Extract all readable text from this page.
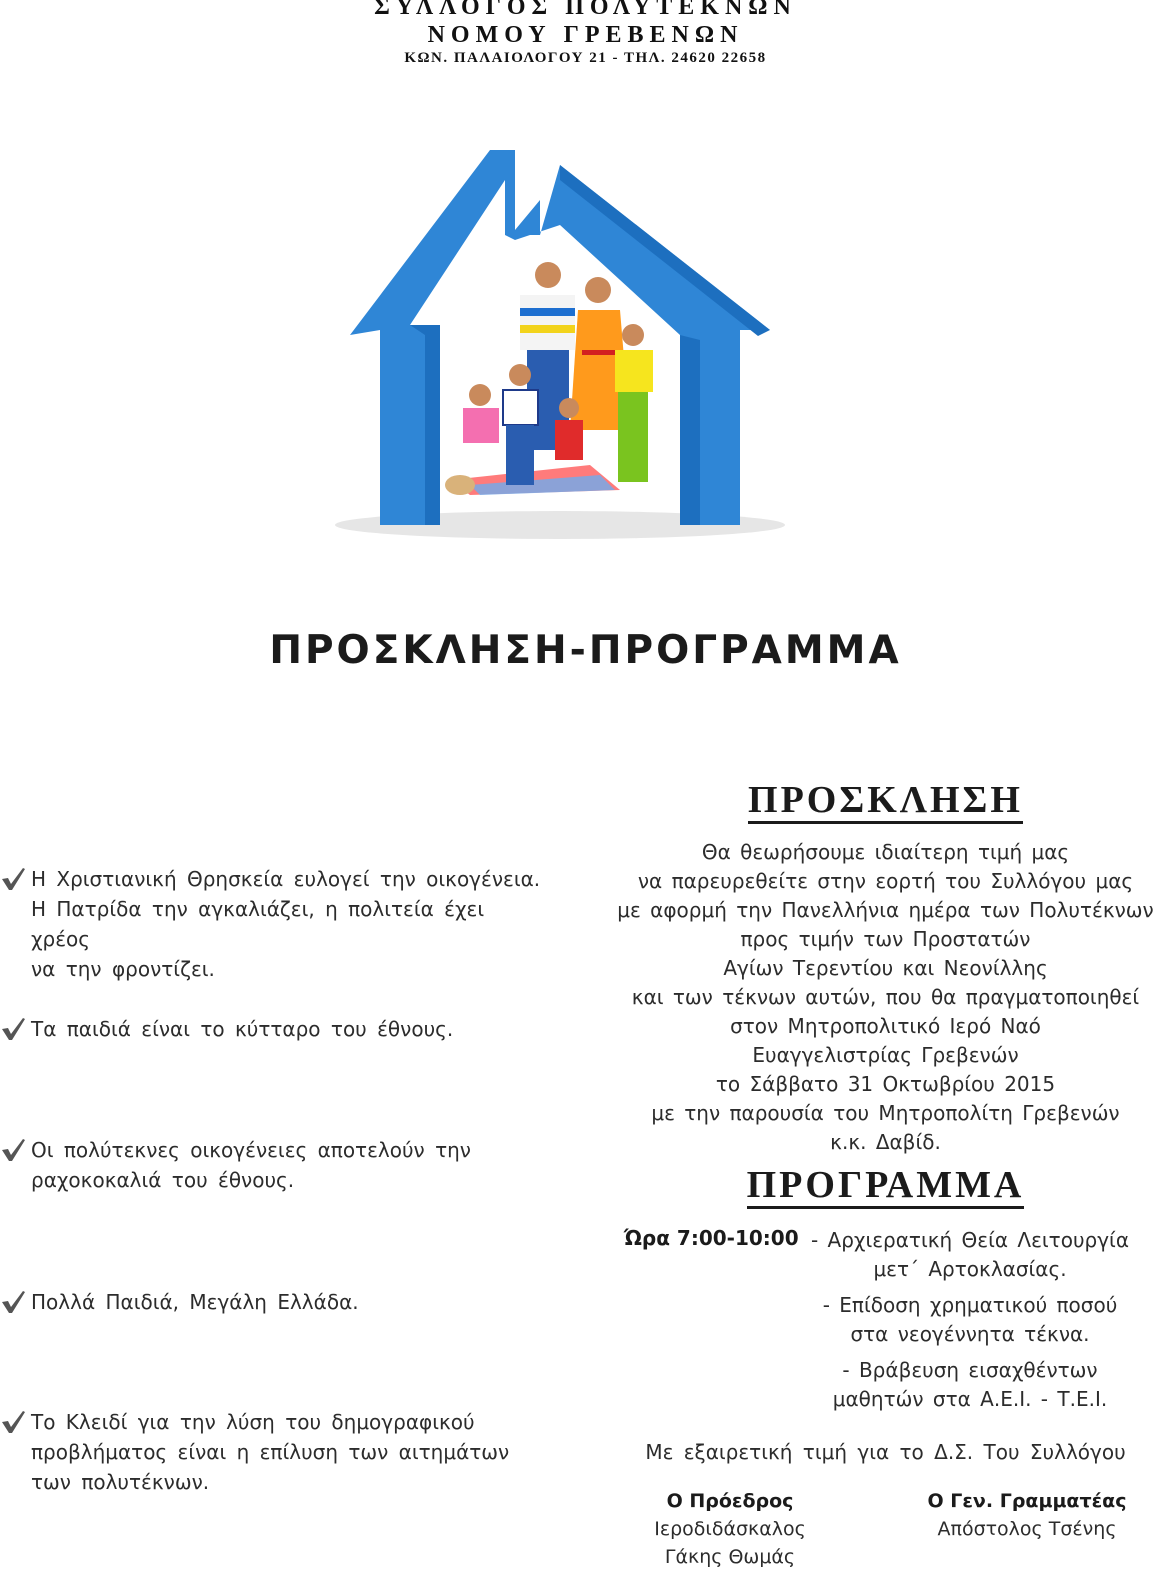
ΣΥΛΛΟΓΟΣ ΠΟΛΥΤΕΚΝΩΝ
ΝΟΜΟΥ ΓΡΕΒΕΝΩΝ
ΚΩΝ. ΠΑΛΑΙΟΛΟΓΟΥ 21 - ΤΗΛ. 24620 22658
ΠΡΟΣΚΛΗΣΗ-ΠΡΟΓΡΑΜΜΑ
Η Χριστιανική Θρησκεία ευλογεί την οικογένεια.
Η Πατρίδα την αγκαλιάζει, η πολιτεία έχει χρέος
να την φροντίζει.
Τα παιδιά είναι το κύτταρο του έθνους.
Οι πολύτεκνες οικογένειες αποτελούν την
ραχοκοκαλιά του έθνους.
Πολλά Παιδιά, Μεγάλη Ελλάδα.
Το Κλειδί για την λύση του δημογραφικού
προβλήματος είναι η επίλυση των αιτημάτων
των πολυτέκνων.
ΠΡΟΣΚΛΗΣΗ
Θα θεωρήσουμε ιδιαίτερη τιμή μας
να παρευρεθείτε στην εορτή του Συλλόγου μας
με αφορμή την Πανελλήνια ημέρα των Πολυτέκνων
προς τιμήν των Προστατών
Αγίων Τερεντίου και Νεονίλλης
και των τέκνων αυτών, που θα πραγματοποιηθεί
στον Μητροπολιτικό Ιερό Ναό
Ευαγγελιστρίας Γρεβενών
το Σάββατο 31 Οκτωβρίου 2015
με την παρουσία του Μητροπολίτη Γρεβενών
κ.κ. Δαβίδ.
ΠΡΟΓΡΑΜΜΑ
Ώρα 7:00-10:00 - Αρχιερατική Θεία Λειτουργία
μετ΄ Αρτοκλασίας.
- Επίδοση χρηματικού ποσού
στα νεογέννητα τέκνα.
- Βράβευση εισαχθέντων
μαθητών στα Α.Ε.Ι. - Τ.Ε.Ι.
Με εξαιρετική τιμή για το Δ.Σ. Του Συλλόγου
Ο Πρόεδρος
Ιεροδιδάσκαλος
Γάκης Θωμάς
Ο Γεν. Γραμματέας
Απόστολος Τσένης
